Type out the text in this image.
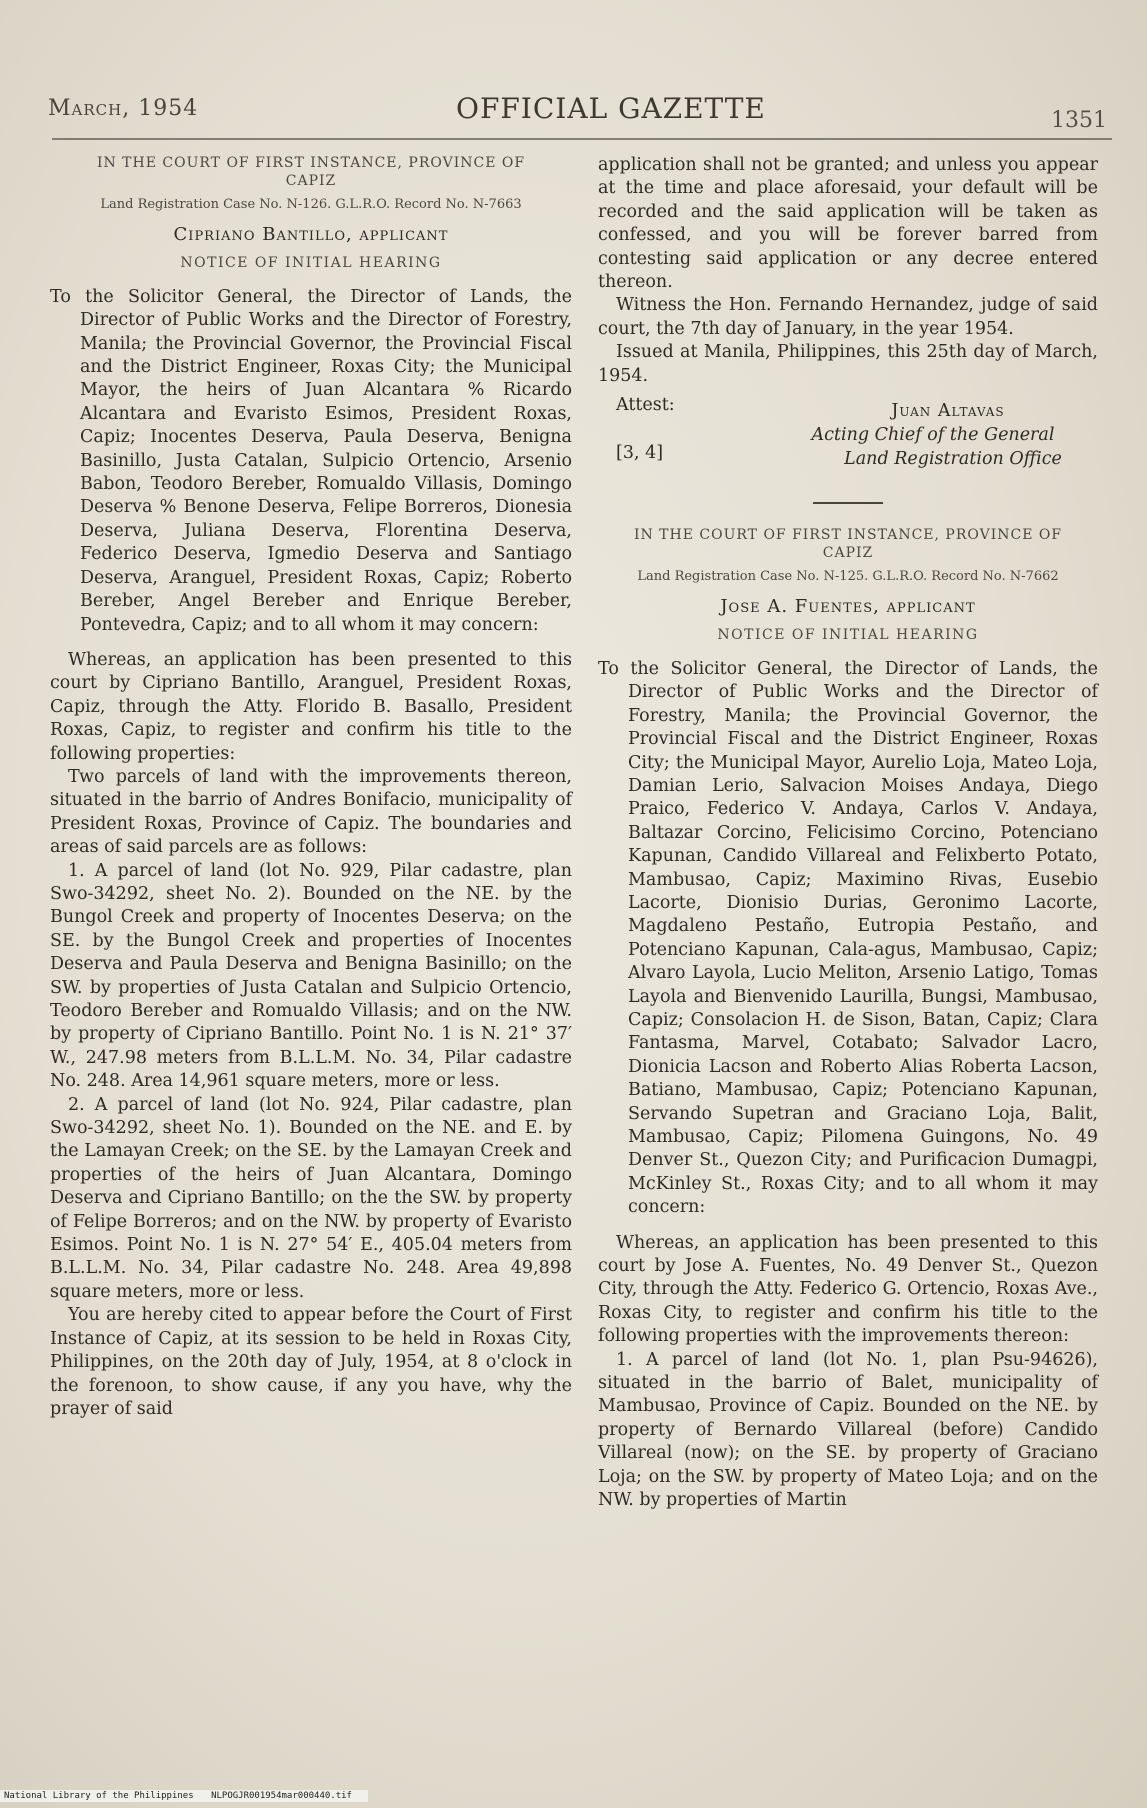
March, 1954	OFFICIAL GAZETTE	1351
IN THE COURT OF FIRST INSTANCE, PROVINCE OF CAPIZ
Land Registration Case No. N-126. G.L.R.O. Record No. N-7663
Cipriano Bantillo, applicant
NOTICE OF INITIAL HEARING
To the Solicitor General, the Director of Lands, the Director of Public Works and the Director of Forestry, Manila; the Provincial Governor, the Provincial Fiscal and the District Engineer, Roxas City; the Municipal Mayor, the heirs of Juan Alcantara % Ricardo Alcantara and Evaristo Esimos, President Roxas, Capiz; Inocentes Deserva, Paula Deserva, Benigna Basinillo, Justa Catalan, Sulpicio Ortencio, Arsenio Babon, Teodoro Bereber, Romualdo Villasis, Domingo Deserva % Benone Deserva, Felipe Borreros, Dionesia Deserva, Juliana Deserva, Florentina Deserva, Federico Deserva, Igmedio Deserva and Santiago Deserva, Aranguel, President Roxas, Capiz; Roberto Bereber, Angel Bereber and Enrique Bereber, Pontevedra, Capiz; and to all whom it may concern:

Whereas, an application has been presented to this court by Cipriano Bantillo, Aranguel, President Roxas, Capiz, through the Atty. Florido B. Basallo, President Roxas, Capiz, to register and confirm his title to the following properties:

Two parcels of land with the improvements thereon, situated in the barrio of Andres Bonifacio, municipality of President Roxas, Province of Capiz. The boundaries and areas of said parcels are as follows:

1. A parcel of land (lot No. 929, Pilar cadastre, plan Swo-34292, sheet No. 2). Bounded on the NE. by the Bungol Creek and property of Inocentes Deserva; on the SE. by the Bungol Creek and properties of Inocentes Deserva and Paula Deserva and Benigna Basinillo; on the SW. by properties of Justa Catalan and Sulpicio Ortencio, Teodoro Bereber and Romualdo Villasis; and on the NW. by property of Cipriano Bantillo. Point No. 1 is N. 21° 37′ W., 247.98 meters from B.L.L.M. No. 34, Pilar cadastre No. 248. Area 14,961 square meters, more or less.

2. A parcel of land (lot No. 924, Pilar cadastre, plan Swo-34292, sheet No. 1). Bounded on the NE. and E. by the Lamayan Creek; on the SE. by the Lamayan Creek and properties of the heirs of Juan Alcantara, Domingo Deserva and Cipriano Bantillo; on the the SW. by property of Felipe Borreros; and on the NW. by property of Evaristo Esimos. Point No. 1 is N. 27° 54′ E., 405.04 meters from B.L.L.M. No. 34, Pilar cadastre No. 248. Area 49,898 square meters, more or less.

You are hereby cited to appear before the Court of First Instance of Capiz, at its session to be held in Roxas City, Philippines, on the 20th day of July, 1954, at 8 o'clock in the forenoon, to show cause, if any you have, why the prayer of said

application shall not be granted; and unless you appear at the time and place aforesaid, your default will be recorded and the said application will be taken as confessed, and you will be forever barred from contesting said application or any decree entered thereon.

Witness the Hon. Fernando Hernandez, judge of said court, the 7th day of January, in the year 1954.

Issued at Manila, Philippines, this 25th day of March, 1954.

Attest:
[3, 4]
Juan Altavas
Acting Chief of the General
Land Registration Office
IN THE COURT OF FIRST INSTANCE, PROVINCE OF CAPIZ
Land Registration Case No. N-125. G.L.R.O. Record No. N-7662
Jose A. Fuentes, applicant
NOTICE OF INITIAL HEARING
To the Solicitor General, the Director of Lands, the Director of Public Works and the Director of Forestry, Manila; the Provincial Governor, the Provincial Fiscal and the District Engineer, Roxas City; the Municipal Mayor, Aurelio Loja, Mateo Loja, Damian Lerio, Salvacion Moises Andaya, Diego Praico, Federico V. Andaya, Carlos V. Andaya, Baltazar Corcino, Felicisimo Corcino, Potenciano Kapunan, Candido Villareal and Felixberto Potato, Mambusao, Capiz; Maximino Rivas, Eusebio Lacorte, Dionisio Durias, Geronimo Lacorte, Magdaleno Pestaño, Eutropia Pestaño, and Potenciano Kapunan, Cala-agus, Mambusao, Capiz; Alvaro Layola, Lucio Meliton, Arsenio Latigo, Tomas Layola and Bienvenido Laurilla, Bungsi, Mambusao, Capiz; Consolacion H. de Sison, Batan, Capiz; Clara Fantasma, Marvel, Cotabato; Salvador Lacro, Dionicia Lacson and Roberto Alias Roberta Lacson, Batiano, Mambusao, Capiz; Potenciano Kapunan, Servando Supetran and Graciano Loja, Balit, Mambusao, Capiz; Pilomena Guingons, No. 49 Denver St., Quezon City; and Purificacion Dumagpi, McKinley St., Roxas City; and to all whom it may concern:

Whereas, an application has been presented to this court by Jose A. Fuentes, No. 49 Denver St., Quezon City, through the Atty. Federico G. Ortencio, Roxas Ave., Roxas City, to register and confirm his title to the following properties with the improvements thereon:

1. A parcel of land (lot No. 1, plan Psu-94626), situated in the barrio of Balet, municipality of Mambusao, Province of Capiz. Bounded on the NE. by property of Bernardo Villareal (before) Candido Villareal (now); on the SE. by property of Graciano Loja; on the SW. by property of Mateo Loja; and on the NW. by properties of Martin

National Library of the Philippines NLPOGJR001954mar000440.tif
